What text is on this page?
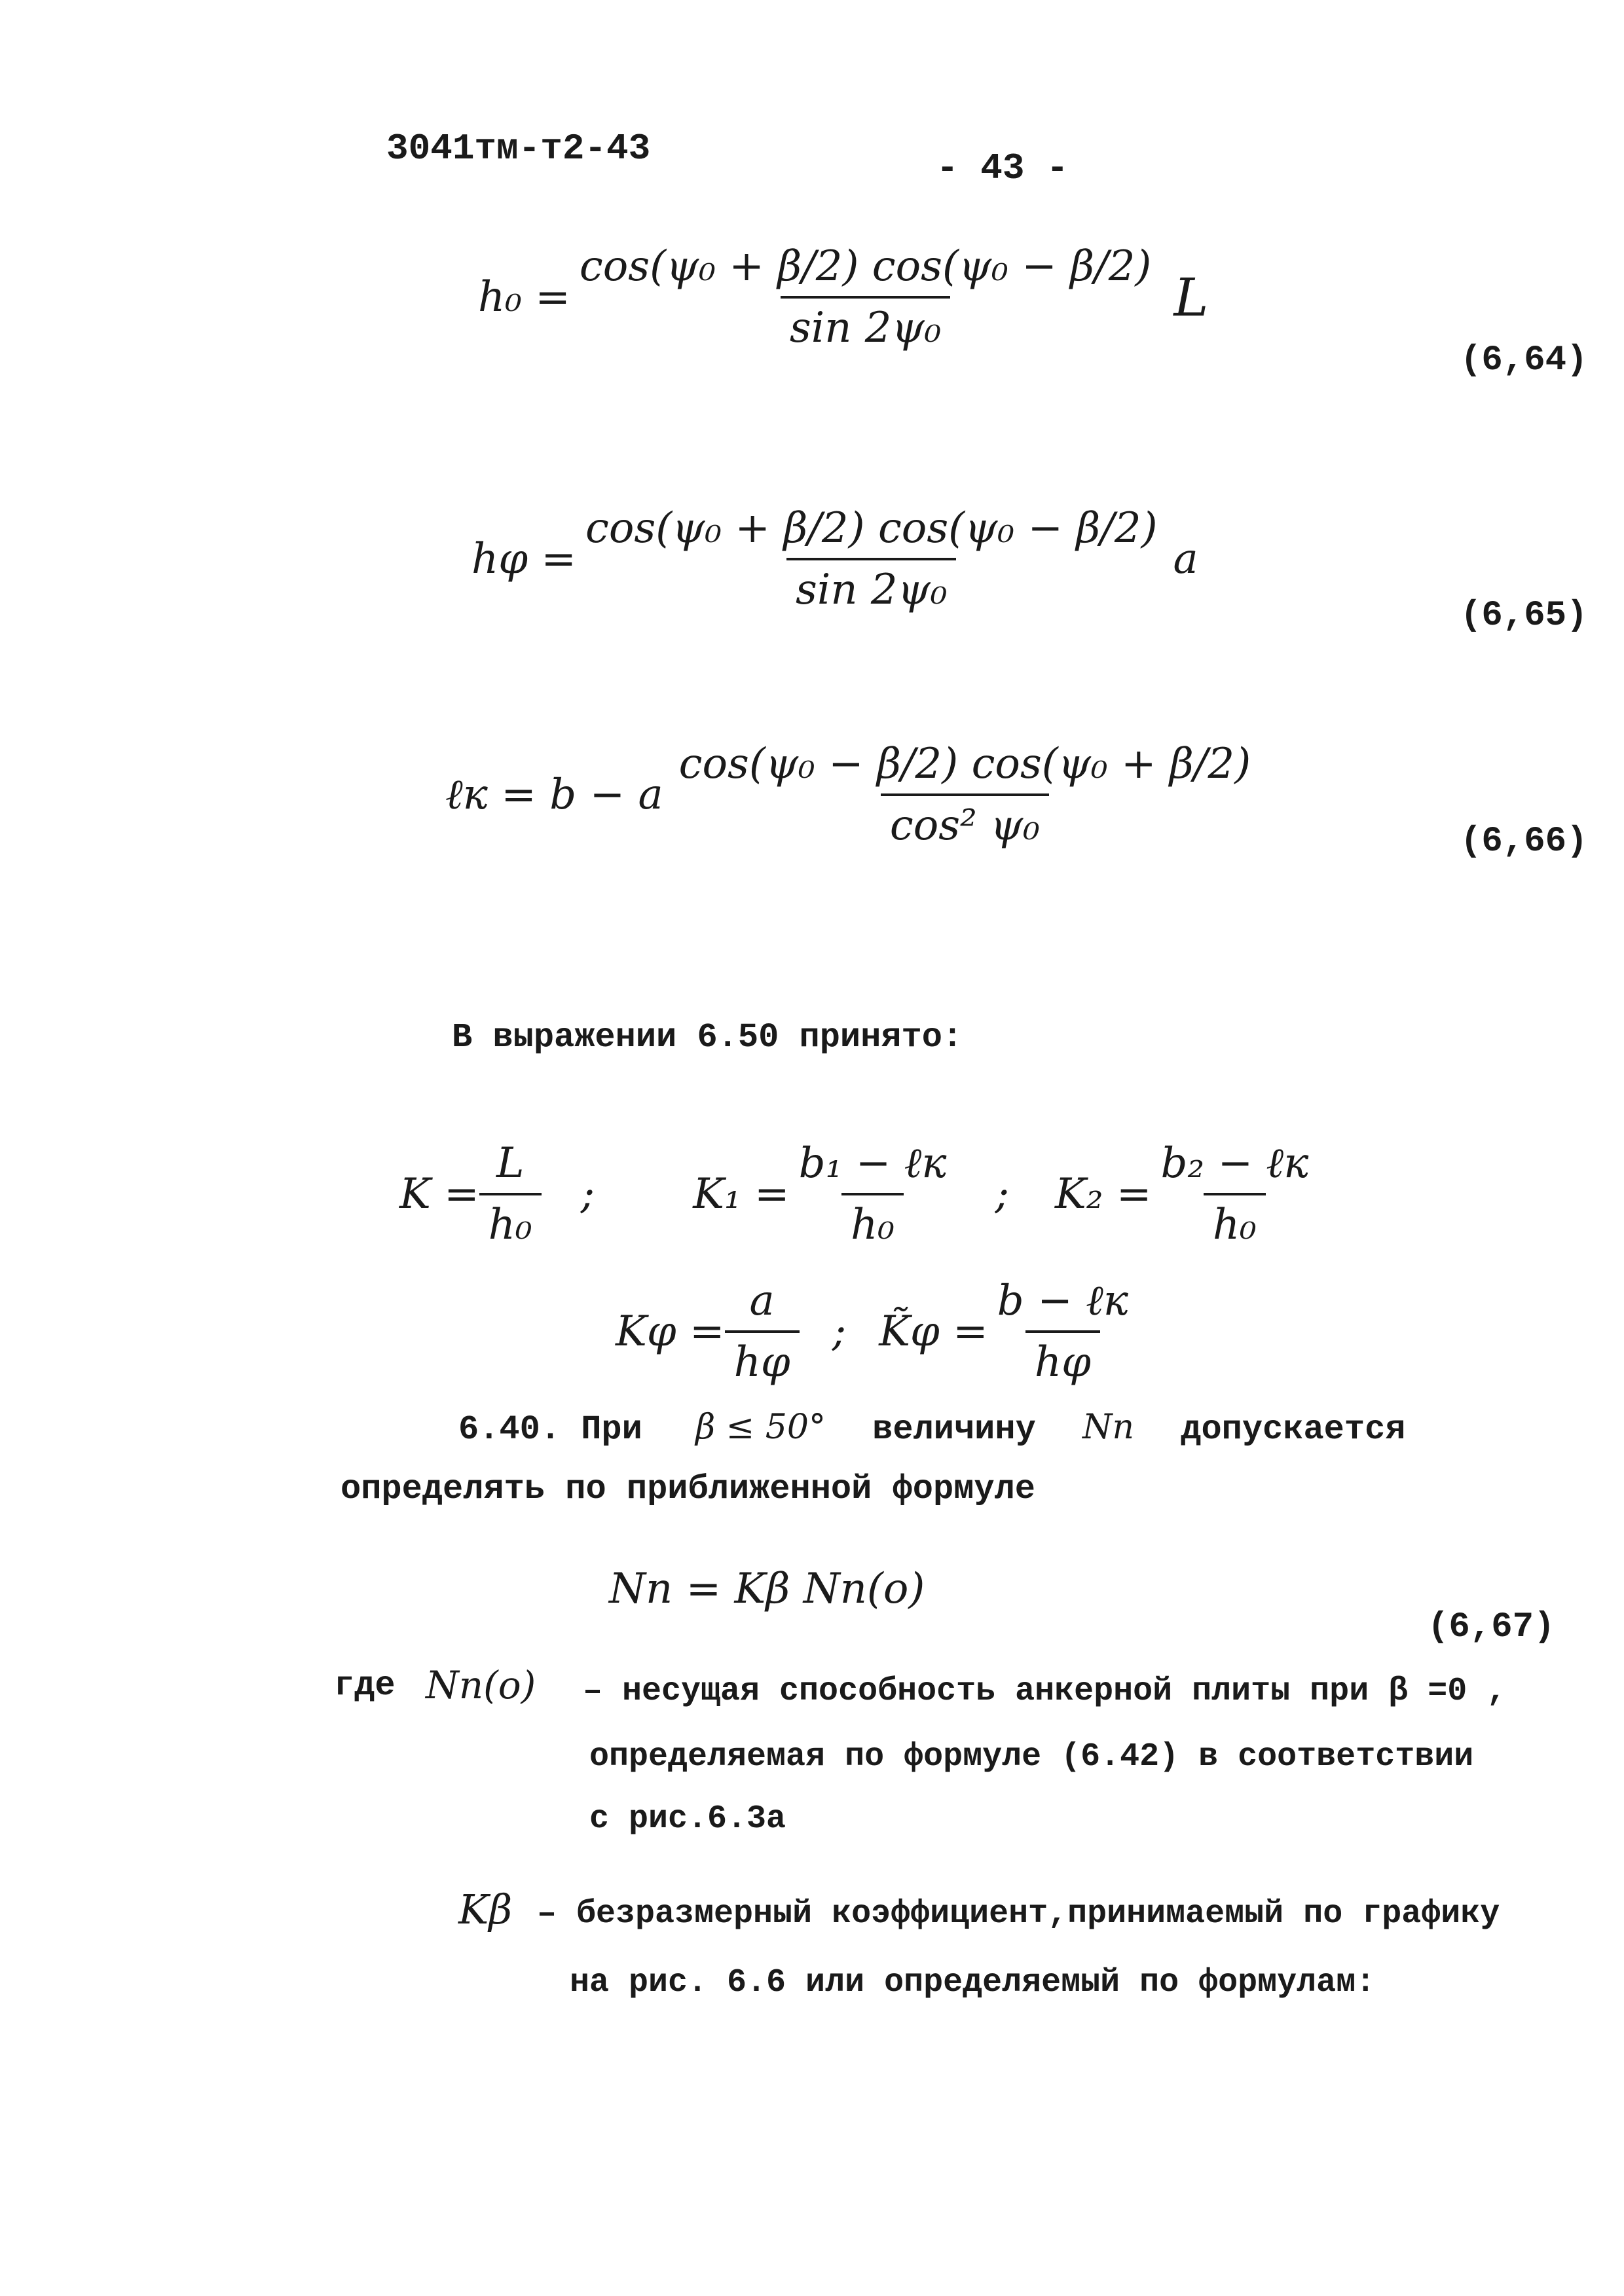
3041тм-т2-43	- 43 -
$h_0 = \frac{\text{cos(ψ₀ + β/2) cos(ψ₀ − β/2)}}{\text{sin 2ψ₀}}$ L
(6,64)
$h\varphi = \frac{\text{cos(ψ₀ + β/2) cos(ψ₀ − β/2)}}{\text{sin 2ψ₀}}$ a
(6,65)
ℓк = b − a $\frac{\text{cos(ψ₀ − β/2) cos(ψ₀ + β/2)}}{\text{cos² ψ₀}}$	(6,66)
В выражении 6.50 принято:
$K = \frac{L}{\text{h₀}}$ ; $K_1 = \frac{\text{b₁ − ℓк}}{\text{h₀}}$ ; $K_2 = \frac{\text{b₂ − ℓк}}{\text{h₀}}$
$K\varphi = \frac{a}{h\varphi}$ ; K̃φ = $\frac{\text{b − ℓк}}{h\varphi}$
6.40. При β ≤ 50° величину Nп допускается
определять по приближенной формуле
Nп = Kβ Nп(о)
(6,67)
где Nп(о) – несущая способность анкерной плиты при β =0 ,
определяемая по формуле (6.42) в соответствии
с рис.6.3а
Kβ – безразмерный коэффициент,принимаемый по графику
на рис. 6.6 или определяемый по формулам:
